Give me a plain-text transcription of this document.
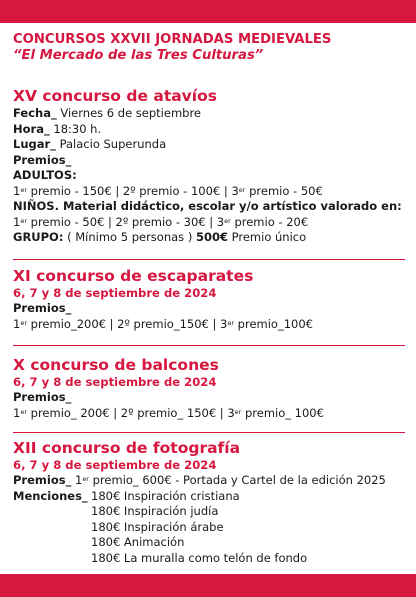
CONCURSOS XXVII JORNADAS MEDIEVALES
“El Mercado de las Tres Culturas”
XV concurso de atavíos
Fecha_ Viernes 6 de septiembre
Hora_ 18:30 h.
Lugar_ Palacio Superunda
Premios_
ADULTOS:
1er premio - 150€ | 2º premio - 100€ | 3er premio - 50€
NIÑOS. Material didáctico, escolar y/o artístico valorado en:
1er premio - 50€ | 2º premio - 30€ | 3er premio - 20€
GRUPO: ( Mínimo 5 personas ) 500€ Premio único
XI concurso de escaparates
6, 7 y 8 de septiembre de 2024
Premios_
1er premio_200€ | 2º premio_150€ | 3er premio_100€
X concurso de balcones
6, 7 y 8 de septiembre de 2024
Premios_
1er premio_ 200€ | 2º premio_ 150€ | 3er premio_ 100€
XII concurso de fotografía
6, 7 y 8 de septiembre de 2024
Premios_ 1er premio_ 600€ - Portada y Cartel de la edición 2025
Menciones_ 180€ Inspiración cristiana
180€ Inspiración judía
180€ Inspiración árabe
180€ Animación
180€ La muralla como telón de fondo
